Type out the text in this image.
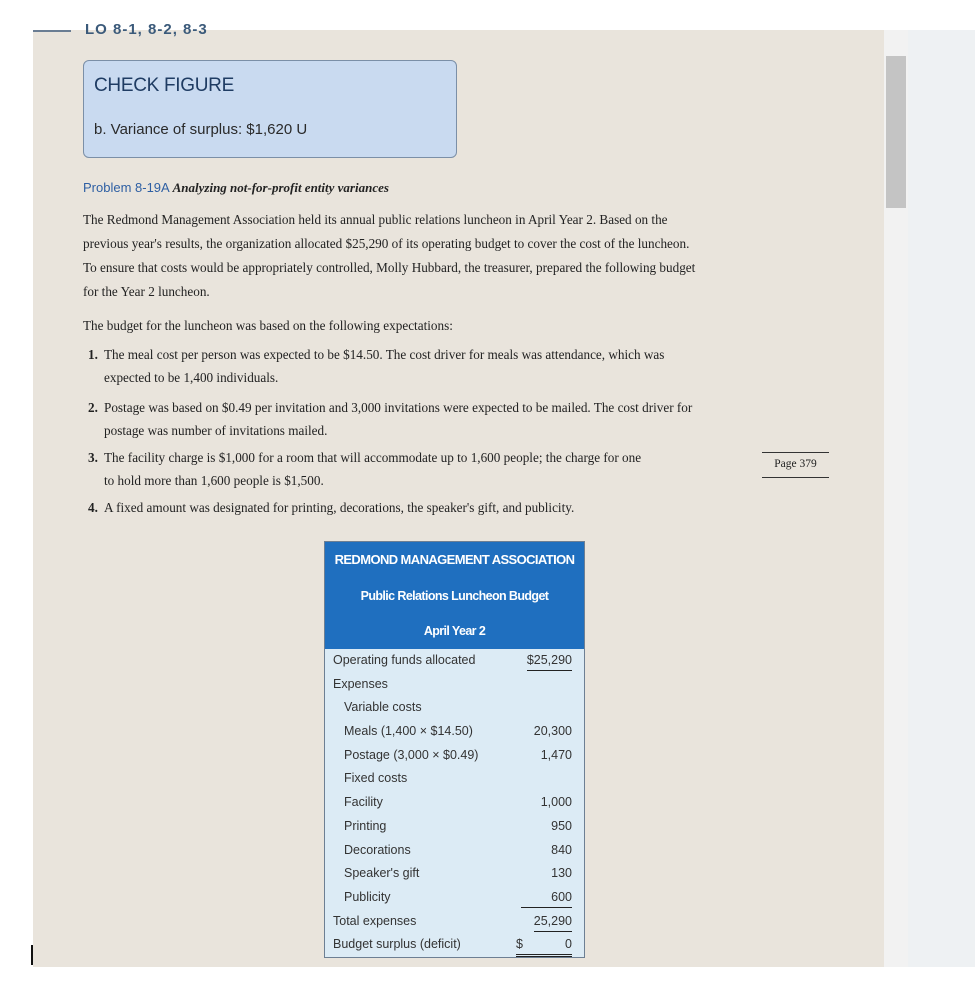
LO 8-1, 8-2, 8-3
CHECK FIGURE
b. Variance of surplus: $1,620 U
Problem 8-19A Analyzing not-for-profit entity variances
The Redmond Management Association held its annual public relations luncheon in April Year 2. Based on the
previous year's results, the organization allocated $25,290 of its operating budget to cover the cost of the luncheon.
To ensure that costs would be appropriately controlled, Molly Hubbard, the treasurer, prepared the following budget
for the Year 2 luncheon.
The budget for the luncheon was based on the following expectations:
1. The meal cost per person was expected to be $14.50. The cost driver for meals was attendance, which was
expected to be 1,400 individuals.
2. Postage was based on $0.49 per invitation and 3,000 invitations were expected to be mailed. The cost driver for
postage was number of invitations mailed.
3. The facility charge is $1,000 for a room that will accommodate up to 1,600 people; the charge for one
to hold more than 1,600 people is $1,500.
4. A fixed amount was designated for printing, decorations, the speaker's gift, and publicity.
Page 379
REDMOND MANAGEMENT ASSOCIATION
Public Relations Luncheon Budget
April Year 2
Operating funds allocated	$25,290
Expenses
Variable costs
Meals (1,400 × $14.50)	20,300
Postage (3,000 × $0.49)	1,470
Fixed costs
Facility	1,000
Printing	950
Decorations	840
Speaker's gift	130
Publicity	600
Total expenses	25,290
Budget surplus (deficit)	$	0
